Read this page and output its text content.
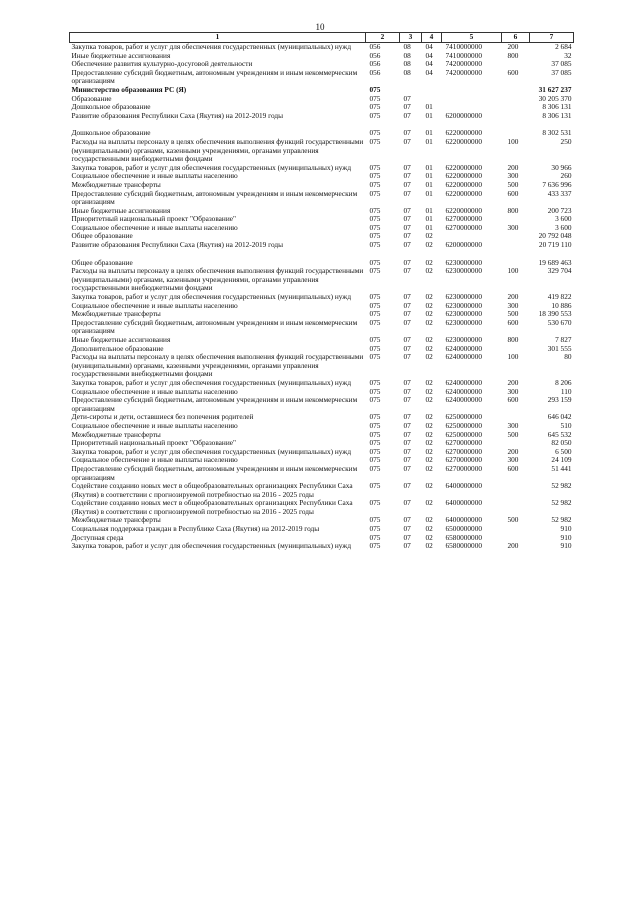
10
1	2	3	4	5	6	7
Закупка товаров, работ и услуг для обеспечения государственных (муниципальных) нужд	056	08	04	7410000000	200	2 684
Иные бюджетные ассигнования	056	08	04	7410000000	800	32
Обеспечение развития культурно-досуговой деятельности	056	08	04	7420000000		37 085
Предоставление субсидий бюджетным, автономным учреждениям и иным некоммерческим организациям	056	08	04	7420000000	600	37 085
Министерство образования РС (Я)	075					31 627 237
Образование	075	07				30 205 370
Дошкольное образование	075	07	01			8 306 131
Развитие образования Республики Саха (Якутия) на 2012-2019 годы	075	07	01	6200000000		8 306 131
Дошкольное образование	075	07	01	6220000000		8 302 531
Расходы на выплаты персоналу в целях обеспечения выполнения функций государственными (муниципальными) органами, казенными учреждениями, органами управления государственными внебюджетными фондами	075	07	01	6220000000	100	250
Закупка товаров, работ и услуг для обеспечения государственных (муниципальных) нужд	075	07	01	6220000000	200	30 966
Социальное обеспечение и иные выплаты населению	075	07	01	6220000000	300	260
Межбюджетные трансферты	075	07	01	6220000000	500	7 636 996
Предоставление субсидий бюджетным, автономным учреждениям и иным некоммерческим организациям	075	07	01	6220000000	600	433 337
Иные бюджетные ассигнования	075	07	01	6220000000	800	200 723
Приоритетный национальный проект "Образование"	075	07	01	6270000000		3 600
Социальное обеспечение и иные выплаты населению	075	07	01	6270000000	300	3 600
Общее образование	075	07	02			20 792 048
Развитие образования Республики Саха (Якутия) на 2012-2019 годы	075	07	02	6200000000		20 719 110
Общее образование	075	07	02	6230000000		19 689 463
Расходы на выплаты персоналу в целях обеспечения выполнения функций государственными (муниципальными) органами, казенными учреждениями, органами управления государственными внебюджетными фондами	075	07	02	6230000000	100	329 704
Закупка товаров, работ и услуг для обеспечения государственных (муниципальных) нужд	075	07	02	6230000000	200	419 822
Социальное обеспечение и иные выплаты населению	075	07	02	6230000000	300	10 886
Межбюджетные трансферты	075	07	02	6230000000	500	18 390 553
Предоставление субсидий бюджетным, автономным учреждениям и иным некоммерческим организациям	075	07	02	6230000000	600	530 670
Иные бюджетные ассигнования	075	07	02	6230000000	800	7 827
Дополнительное образование	075	07	02	6240000000		301 555
Расходы на выплаты персоналу в целях обеспечения выполнения функций государственными (муниципальными) органами, казенными учреждениями, органами управления государственными внебюджетными фондами	075	07	02	6240000000	100	80
Закупка товаров, работ и услуг для обеспечения государственных (муниципальных) нужд	075	07	02	6240000000	200	8 206
Социальное обеспечение и иные выплаты населению	075	07	02	6240000000	300	110
Предоставление субсидий бюджетным, автономным учреждениям и иным некоммерческим организациям	075	07	02	6240000000	600	293 159
Дети-сироты и дети, оставшиеся без попечения родителей	075	07	02	6250000000		646 042
Социальное обеспечение и иные выплаты населению	075	07	02	6250000000	300	510
Межбюджетные трансферты	075	07	02	6250000000	500	645 532
Приоритетный национальный проект "Образование"	075	07	02	6270000000		82 050
Закупка товаров, работ и услуг для обеспечения государственных (муниципальных) нужд	075	07	02	6270000000	200	6 500
Социальное обеспечение и иные выплаты населению	075	07	02	6270000000	300	24 109
Предоставление субсидий бюджетным, автономным учреждениям и иным некоммерческим организациям	075	07	02	6270000000	600	51 441
Содействие созданию новых мест в общеобразовательных организациях Республики Саха (Якутия) в соответствии с прогнозируемой потребностью на 2016 - 2025 годы	075	07	02	6400000000		52 982
Содействие созданию новых мест в общеобразовательных организациях Республики Саха (Якутия) в соответствии с прогнозируемой потребностью на 2016 - 2025 годы	075	07	02	6400000000		52 982
Межбюджетные трансферты	075	07	02	6400000000	500	52 982
Социальная поддержка граждан в Республике Саха (Якутия) на 2012-2019 годы	075	07	02	6500000000		910
Доступная среда	075	07	02	6580000000		910
Закупка товаров, работ и услуг для обеспечения государственных (муниципальных) нужд	075	07	02	6580000000	200	910
